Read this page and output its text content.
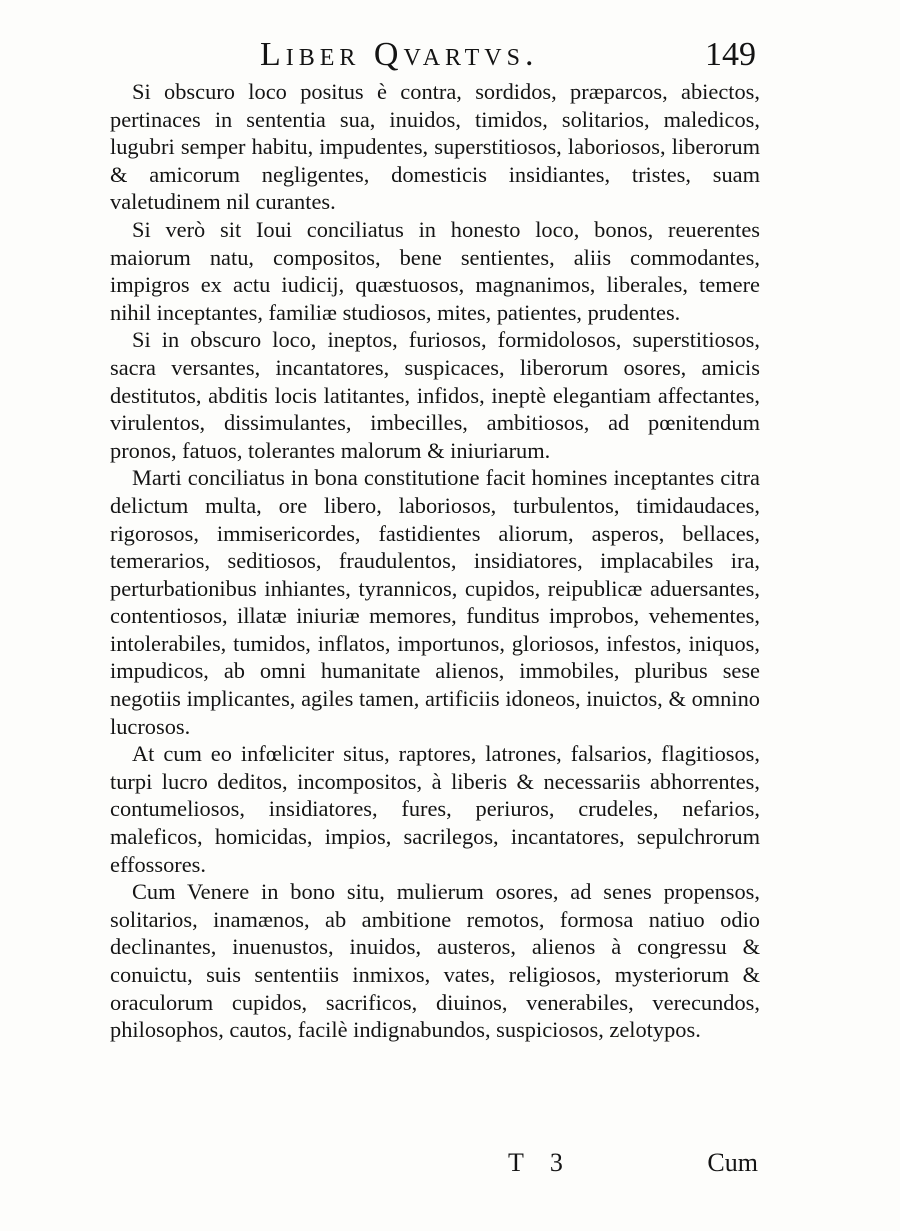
Liber Qvartvs.	149

Si obscuro loco positus è contra, sordidos, præparcos, abiectos, pertinaces in sententia sua, inuidos, timidos, solitarios, maledicos, lugubri semper habitu, impudentes, superstitiosos, laboriosos, liberorum & amicorum negligentes, domesticis insidiantes, tristes, suam valetudinem nil curantes.

Si verò sit Ioui conciliatus in honesto loco, bonos, reuerentes maiorum natu, compositos, bene sentientes, aliis commodantes, impigros ex actu iudicij, quæstuosos, magnanimos, liberales, temere nihil inceptantes, familiæ studiosos, mites, patientes, prudentes.

Si in obscuro loco, ineptos, furiosos, formidolosos, superstitiosos, sacra versantes, incantatores, suspicaces, liberorum osores, amicis destitutos, abditis locis latitantes, infidos, ineptè elegantiam affectantes, virulentos, dissimulantes, imbecilles, ambitiosos, ad pœnitendum pronos, fatuos, tolerantes malorum & iniuriarum.

Marti conciliatus in bona constitutione facit homines inceptantes citra delictum multa, ore libero, laboriosos, turbulentos, timidaudaces, rigorosos, immisericordes, fastidientes aliorum, asperos, bellaces, temerarios, seditiosos, fraudulentos, insidiatores, implacabiles ira, perturbationibus inhiantes, tyrannicos, cupidos, reipublicæ aduersantes, contentiosos, illatæ iniuriæ memores, funditus improbos, vehementes, intolerabiles, tumidos, inflatos, importunos, gloriosos, infestos, iniquos, impudicos, ab omni humanitate alienos, immobiles, pluribus sese negotiis implicantes, agiles tamen, artificiis idoneos, inuictos, & omnino lucrosos.

At cum eo infœliciter situs, raptores, latrones, falsarios, flagitiosos, turpi lucro deditos, incompositos, à liberis & necessariis abhorrentes, contumeliosos, insidiatores, fures, periuros, crudeles, nefarios, maleficos, homicidas, impios, sacrilegos, incantatores, sepulchrorum effossores.

Cum Venere in bono situ, mulierum osores, ad senes propensos, solitarios, inamænos, ab ambitione remotos, formosa natiuo odio declinantes, inuenustos, inuidos, austeros, alienos à congressu & conuictu, suis sententiis inmixos, vates, religiosos, mysteriorum & oraculorum cupidos, sacrificos, diuinos, venerabiles, verecundos, philosophos, cautos, facilè indignabundos, suspiciosos, zelotypos.

T 3	Cum
